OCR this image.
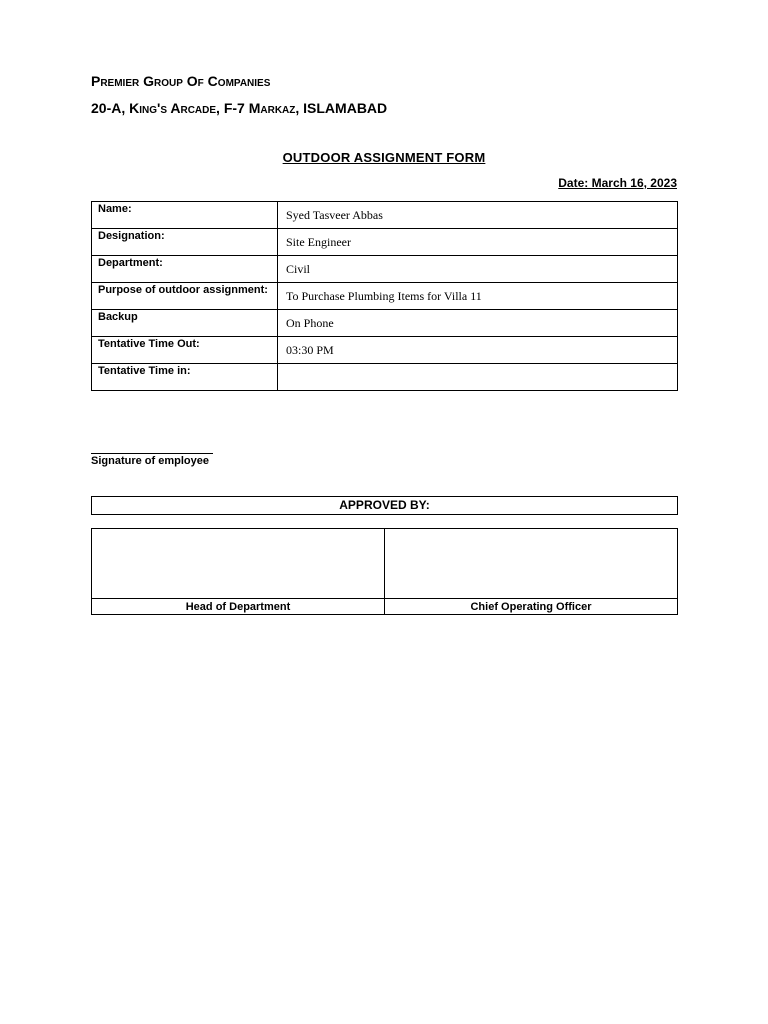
Premier Group Of Companies
20-A, King's Arcade, F-7 Markaz, ISLAMABAD
OUTDOOR ASSIGNMENT FORM
Date: March 16, 2023
Name:	Syed Tasveer Abbas
Designation:	Site Engineer
Department:	Civil
Purpose of outdoor assignment:	To Purchase Plumbing Items for Villa 11
Backup	On Phone
Tentative Time Out:	03:30 PM
Tentative Time in:	
Signature of employee
APPROVED BY:

Head of Department	Chief Operating Officer
